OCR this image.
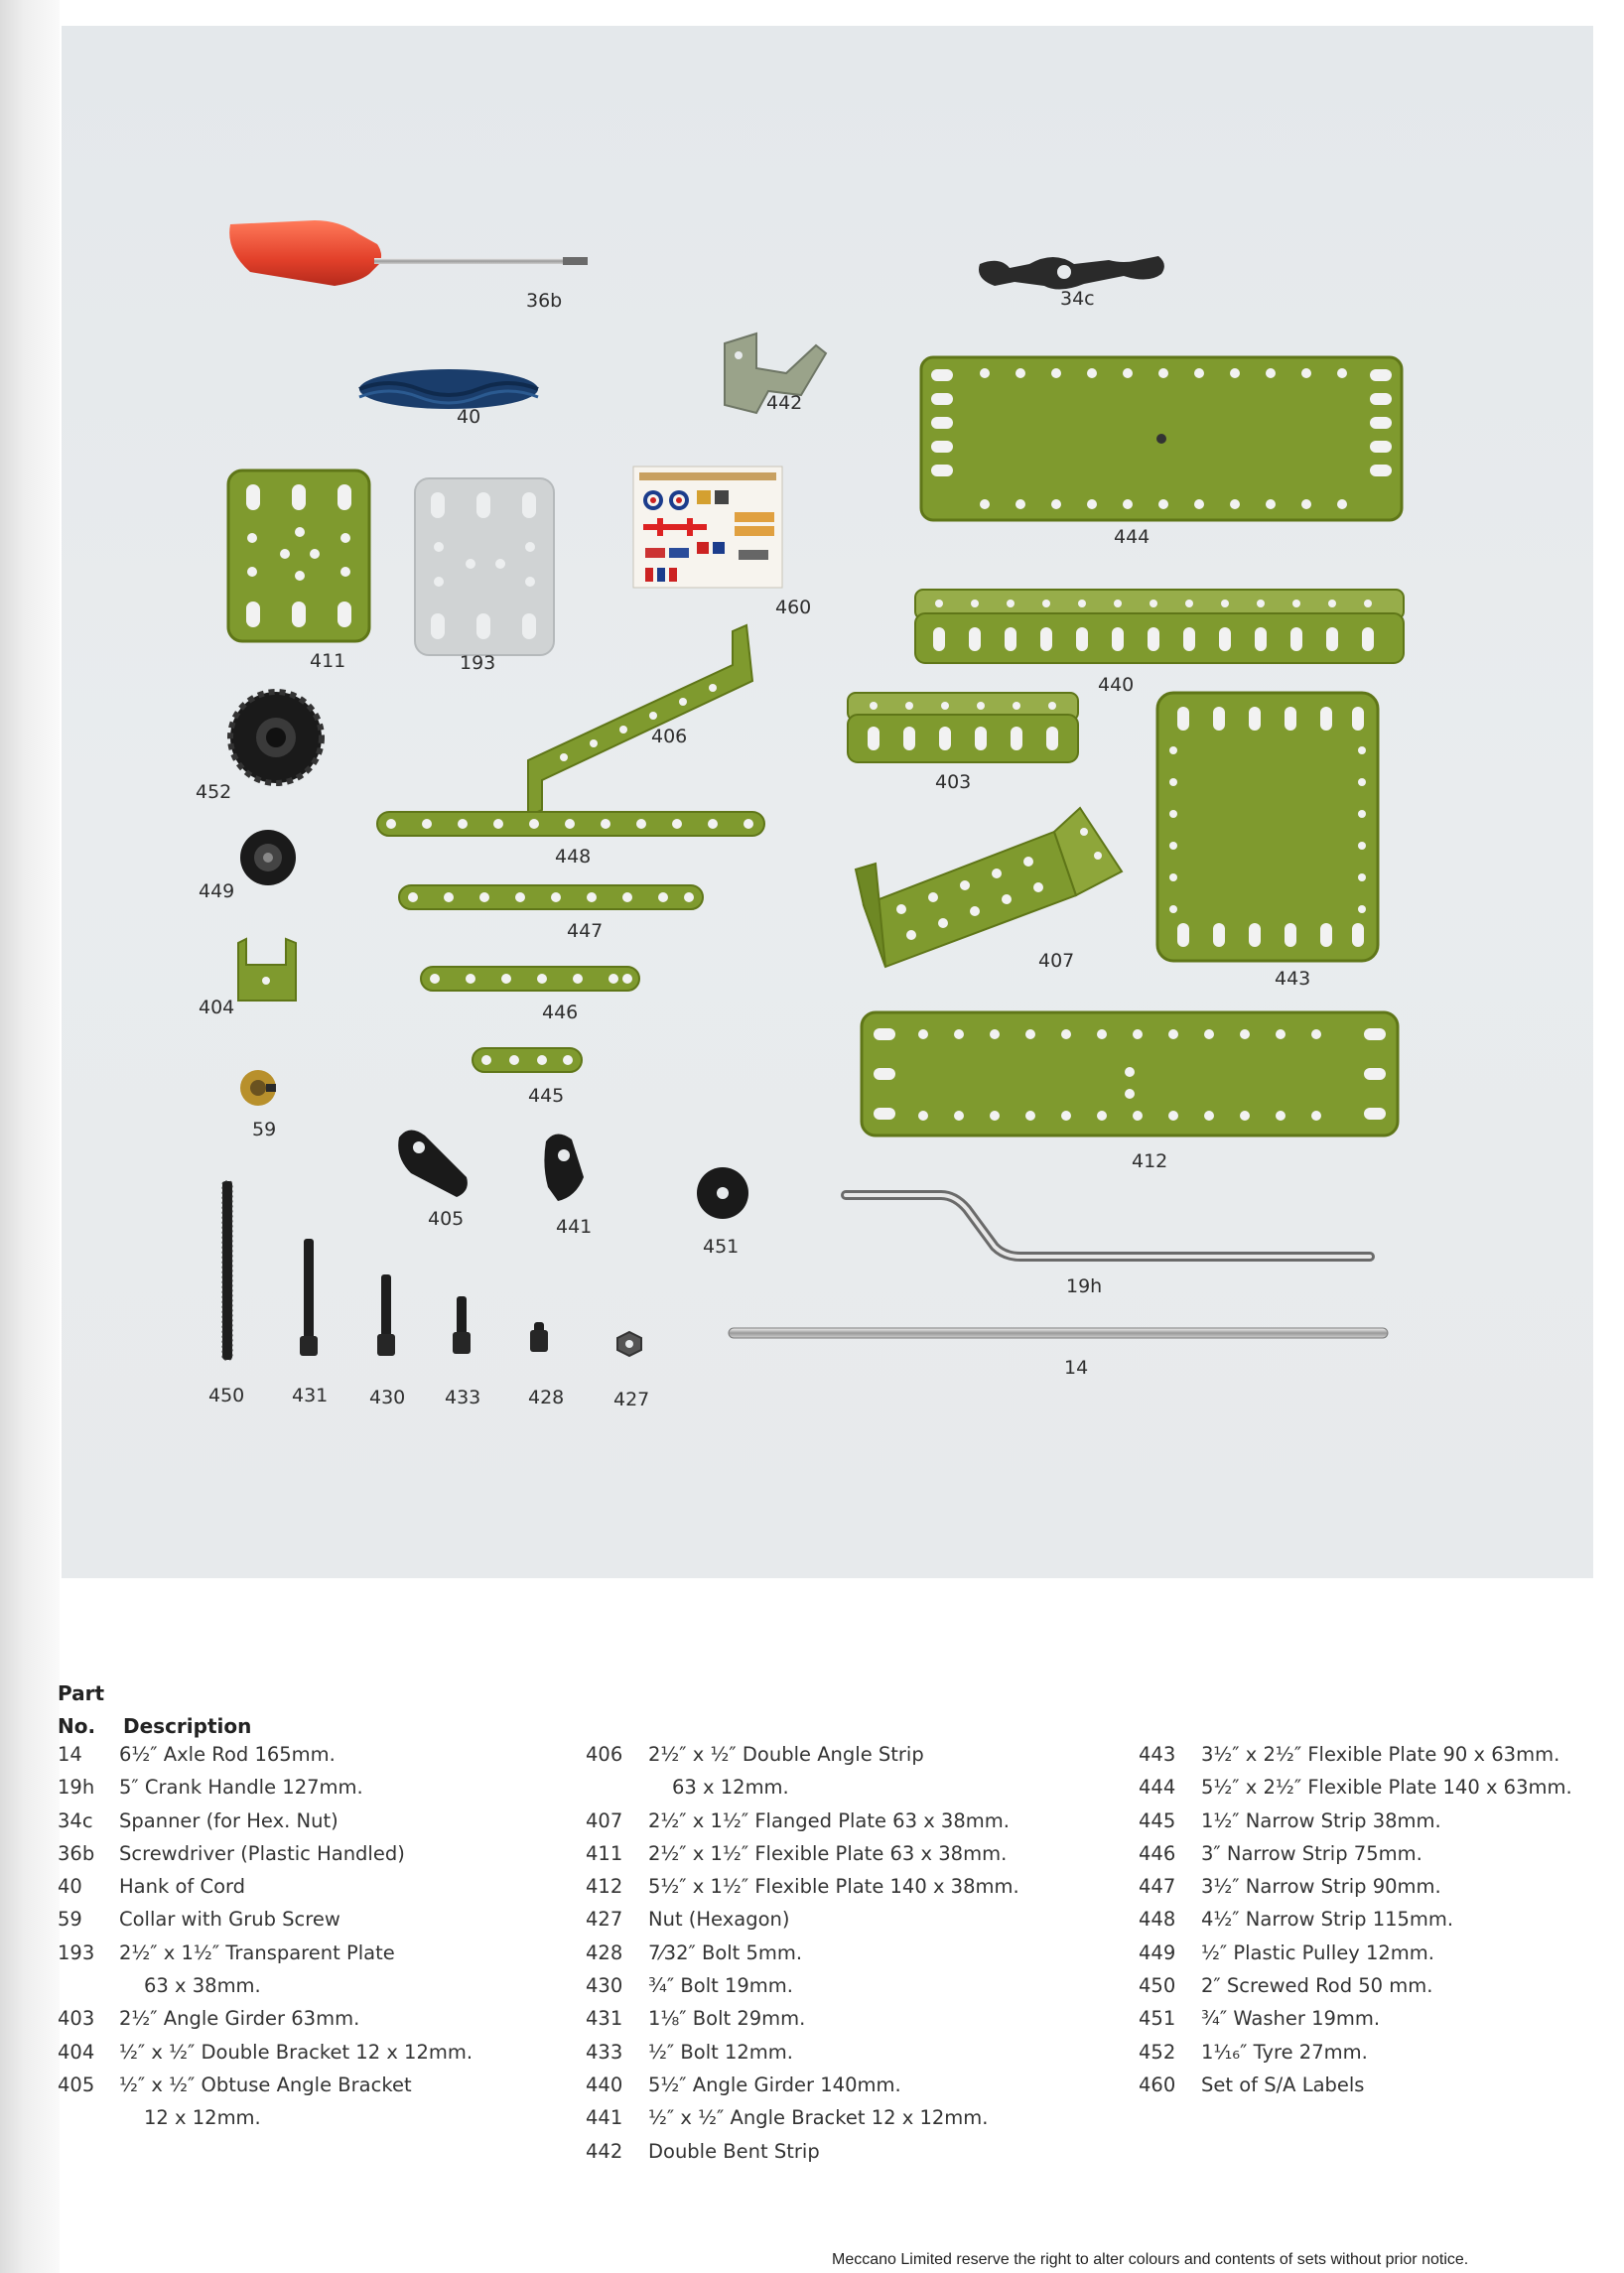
36b	34c
40
442
444
411	193
460
440
452
406
403
443
448
449
407
447
404	446
445
412
59
405	441
451
19h
14
450	431 430 433	428	427
Part
No. Description
14 6½″ Axle Rod 165mm.
19h 5″ Crank Handle 127mm.
34c Spanner (for Hex. Nut)
36b Screwdriver (Plastic Handled)
40 Hank of Cord
59 Collar with Grub Screw
193 2½″ x 1½″ Transparent Plate
63 x 38mm.
403 2½″ Angle Girder 63mm.
404 ½″ x ½″ Double Bracket 12 x 12mm.
405 ½″ x ½″ Obtuse Angle Bracket
12 x 12mm.
406 2½″ x ½″ Double Angle Strip
63 x 12mm.
407 2½″ x 1½″ Flanged Plate 63 x 38mm.
411 2½″ x 1½″ Flexible Plate 63 x 38mm.
412 5½″ x 1½″ Flexible Plate 140 x 38mm.
427 Nut (Hexagon)
428 7⁄32″ Bolt 5mm.
430 ¾″ Bolt 19mm.
431 1⅛″ Bolt 29mm.
433 ½″ Bolt 12mm.
440 5½″ Angle Girder 140mm.
441 ½″ x ½″ Angle Bracket 12 x 12mm.
442 Double Bent Strip
443 3½″ x 2½″ Flexible Plate 90 x 63mm.
444 5½″ x 2½″ Flexible Plate 140 x 63mm.
445 1½″ Narrow Strip 38mm.
446 3″ Narrow Strip 75mm.
447 3½″ Narrow Strip 90mm.
448 4½″ Narrow Strip 115mm.
449 ½″ Plastic Pulley 12mm.
450 2″ Screwed Rod 50 mm.
451 ¾″ Washer 19mm.
452 1¹⁄₁₆″ Tyre 27mm.
460 Set of S/A Labels
Meccano Limited reserve the right to alter colours and contents of sets without prior notice.
